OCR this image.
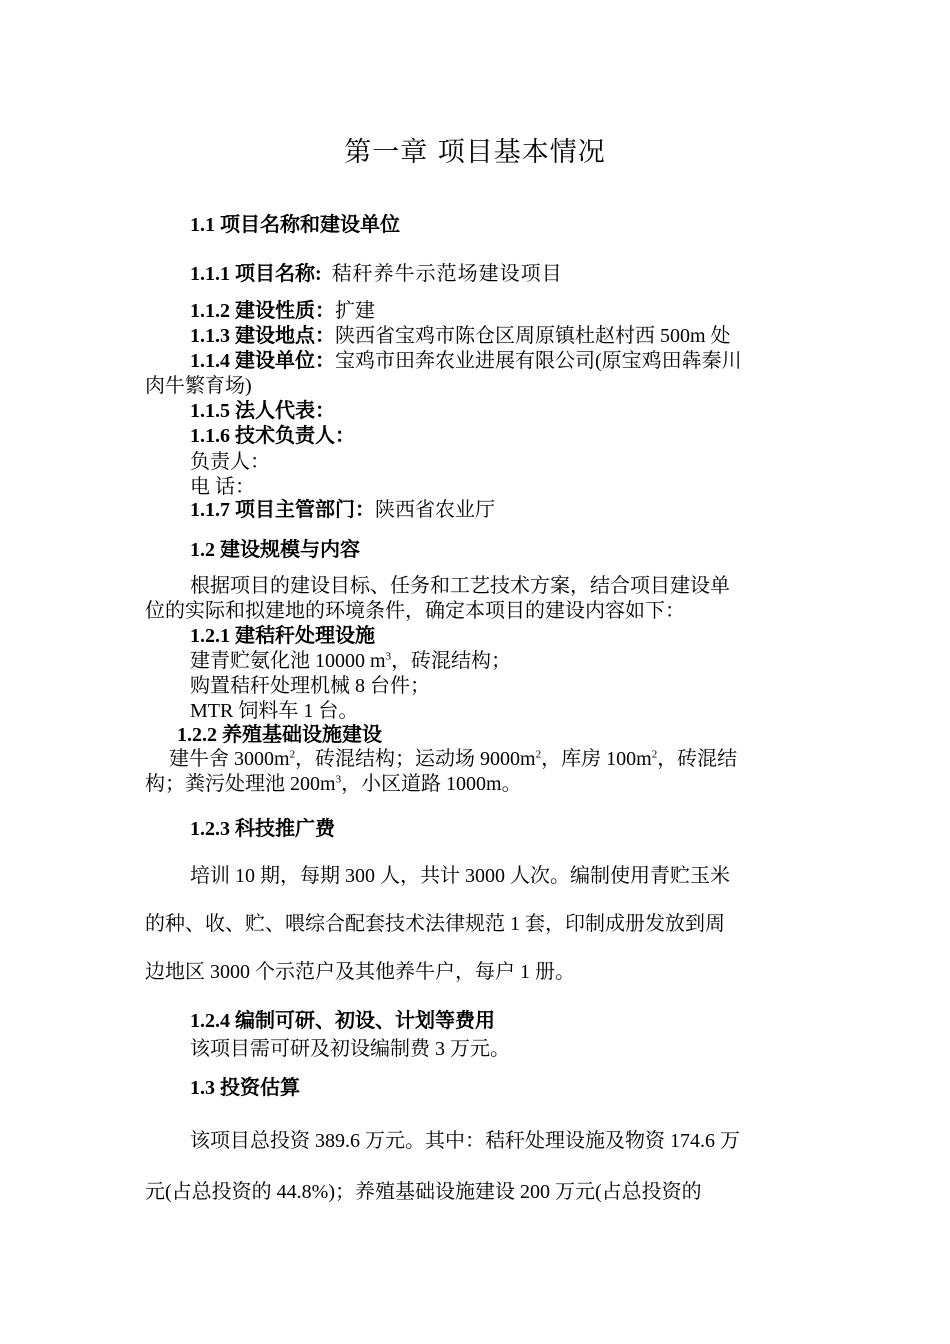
第一章 项目基本情况
1.1 项目名称和建设单位
1.1.1 项目名称: 秸秆养牛示范场建设项目
1.1.2 建设性质：扩建
1.1.3 建设地点：陕西省宝鸡市陈仓区周原镇杜赵村西 500m 处
1.1.4 建设单位：宝鸡市田奔农业进展有限公司(原宝鸡田犇秦川
肉牛繁育场)
1.1.5 法人代表：
1.1.6 技术负责人：
负责人：
电 话：
1.1.7 项目主管部门：陕西省农业厅
1.2 建设规模与内容
根据项目的建设目标、任务和工艺技术方案，结合项目建设单
位的实际和拟建地的环境条件，确定本项目的建设内容如下：
1.2.1 建秸秆处理设施
建青贮氨化池 10000 $m^3$，砖混结构；
购置秸秆处理机械 8 台件；
MTR 饲料车 1 台。
1.2.2 养殖基础设施建设
建牛舍 $3000m^2$，砖混结构；运动场 $9000m^2$，库房 $100m^2$，砖混结
构；粪污处理池 $200m^3$，小区道路 1000m。
1.2.3 科技推广费
培训 10 期，每期 300 人，共计 3000 人次。编制使用青贮玉米
的种、收、贮、喂综合配套技术法律规范 1 套，印制成册发放到周
边地区 3000 个示范户及其他养牛户，每户 1 册。
1.2.4 编制可研、初设、计划等费用
该项目需可研及初设编制费 3 万元。
1.3 投资估算
该项目总投资 389.6 万元。其中：秸秆处理设施及物资 174.6 万
元(占总投资的 44.8%)；养殖基础设施建设 200 万元(占总投资的
